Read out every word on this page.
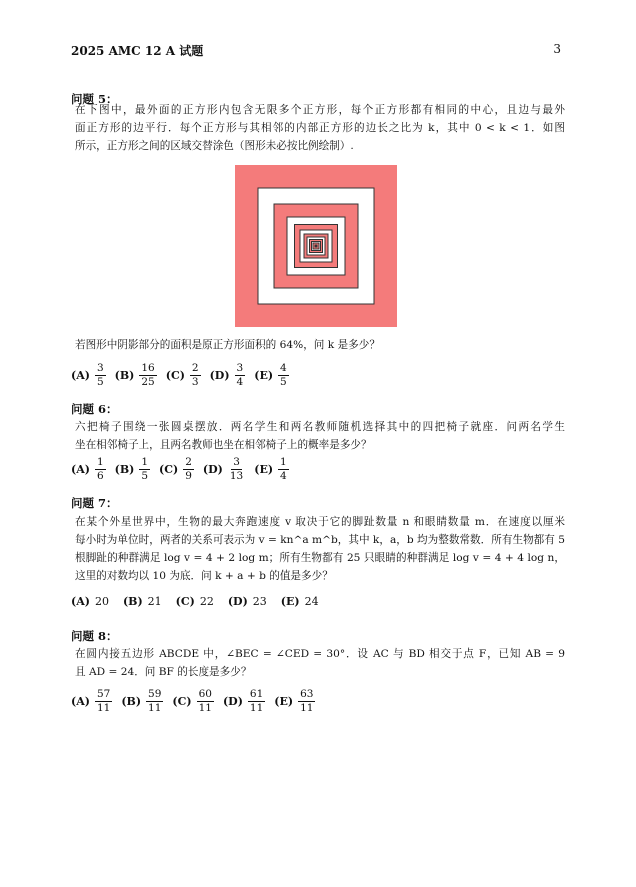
2025 AMC 12 A 试题	3
问题 5：
在下图中，最外面的正方形内包含无限多个正方形，每个正方形都有相同的中心，且边与最外
面正方形的边平行．每个正方形与其相邻的内部正方形的边长之比为 k，其中 0 < k < 1．如图
所示，正方形之间的区域交替涂色（图形未必按比例绘制）.
若图形中阴影部分的面积是原正方形面积的 64%，问 k 是多少？
$(A) \frac{3}{5} (B) \frac{16}{25} (C) \frac{2}{3} (D) \frac{3}{4} (E) \frac{4}{5}$
问题 6：
六把椅子围绕一张圆桌摆放．两名学生和两名教师随机选择其中的四把椅子就座．问两名学生
坐在相邻椅子上，且两名教师也坐在相邻椅子上的概率是多少？
$(A) \frac{1}{6} (B) \frac{1}{5} (C) \frac{2}{9} (D) \frac{3}{13} (E) \frac{1}{4}$
问题 7：
在某个外星世界中，生物的最大奔跑速度 v 取决于它的脚趾数量 n 和眼睛数量 m．在速度以厘米
每小时为单位时，两者的关系可表示为 v = kn^a m^b，其中 k，a，b 均为整数常数．所有生物都有 5
根脚趾的种群满足 log v = 4 + 2 log m；所有生物都有 25 只眼睛的种群满足 log v = 4 + 4 log n，
这里的对数均以 10 为底．问 k + a + b 的值是多少？
(A) 20 (B) 21 (C) 22 (D) 23 (E) 24
问题 8：
在圆内接五边形 ABCDE 中，∠BEC = ∠CED = 30°．设 AC 与 BD 相交于点 F，已知 AB = 9
且 AD = 24．问 BF 的长度是多少？
$(A) \frac{57}{11} (B) \frac{59}{11} (C) \frac{60}{11} (D) \frac{61}{11} (E) \frac{63}{11}$
